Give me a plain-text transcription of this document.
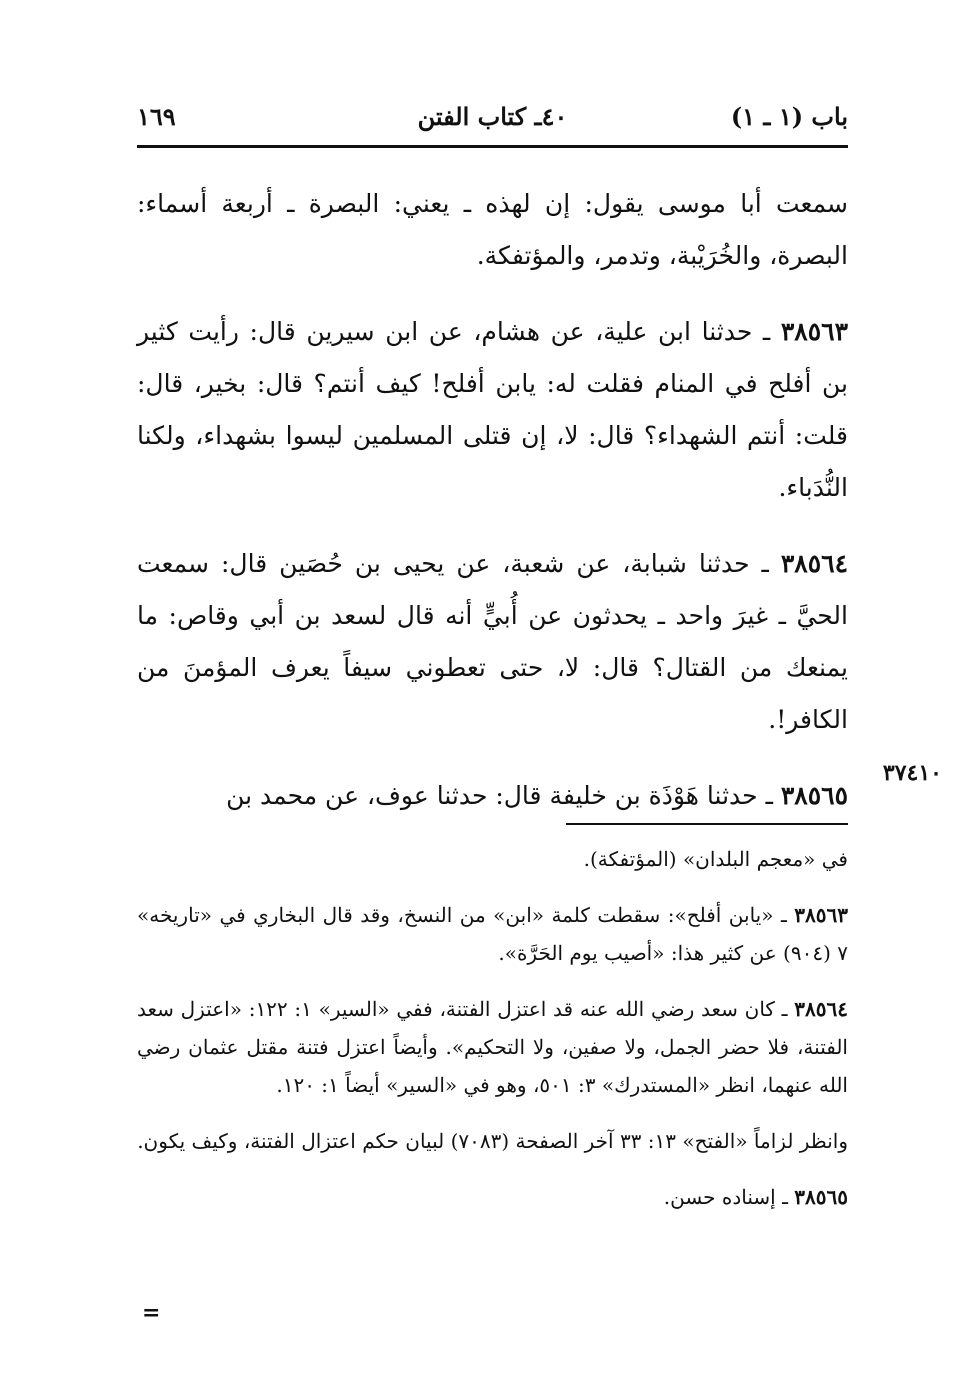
باب (١ ـ ١)
٤٠ـ كتاب الفتن
١٦٩

سمعت أبا موسى يقول: إن لهذه ـ يعني: البصرة ـ أربعة أسماء: البصرة، والخُرَيْبة، وتدمر، والمؤتفكة.

٣٨٥٦٣ ـ حدثنا ابن علية، عن هشام، عن ابن سيرين قال: رأيت كثير بن أفلح في المنام فقلت له: يابن أفلح! كيف أنتم؟ قال: بخير، قال: قلت: أنتم الشهداء؟ قال: لا، إن قتلى المسلمين ليسوا بشهداء، ولكنا النُّدَباء.

٣٨٥٦٤ ـ حدثنا شبابة، عن شعبة، عن يحيى بن حُصَين قال: سمعت الحيَّ ـ غيرَ واحد ـ يحدثون عن أُبيٍّ أنه قال لسعد بن أبي وقاص: ما يمنعك من القتال؟ قال: لا، حتى تعطوني سيفاً يعرف المؤمنَ من الكافر!.

٣٨٥٦٥ ـ حدثنا هَوْذَة بن خليفة قال: حدثنا عوف، عن محمد بن

٣٧٤١٠

في «معجم البلدان» (المؤتفكة).

٣٨٥٦٣ ـ «يابن أفلح»: سقطت كلمة «ابن» من النسخ، وقد قال البخاري في «تاريخه» ٧ (٩٠٤) عن كثير هذا: «أصيب يوم الحَرَّة».

٣٨٥٦٤ ـ كان سعد رضي الله عنه قد اعتزل الفتنة، ففي «السير» ١: ١٢٢: «اعتزل سعد الفتنة، فلا حضر الجمل، ولا صفين، ولا التحكيم». وأيضاً اعتزل فتنة مقتل عثمان رضي الله عنهما، انظر «المستدرك» ٣: ٥٠١، وهو في «السير» أيضاً ١: ١٢٠.

وانظر لزاماً «الفتح» ١٣: ٣٣ آخر الصفحة (٧٠٨٣) لبيان حكم اعتزال الفتنة، وكيف يكون.

٣٨٥٦٥ ـ إسناده حسن.

=
